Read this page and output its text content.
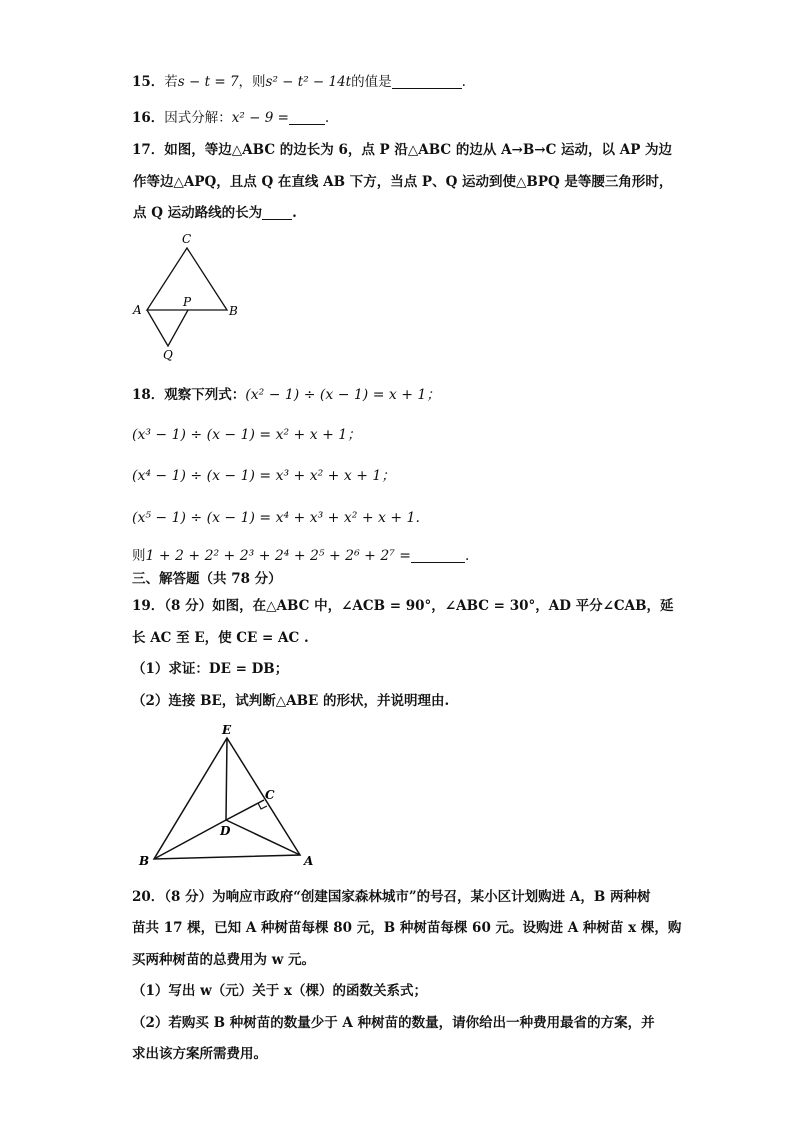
15．若s − t = 7，则s² − t² − 14t的值是	.
16．因式分解：x² − 9 =	.
17．如图，等边△ABC 的边长为 6，点 P 沿△ABC 的边从 A→B→C 运动，以 AP 为边
作等边△APQ，且点 Q 在直线 AB 下方，当点 P、Q 运动到使△BPQ 是等腰三角形时，
点 Q 运动路线的长为 .
C
A	B
P
Q
18．观察下列式：(x² − 1) ÷ (x − 1) = x + 1；
(x³ − 1) ÷ (x − 1) = x² + x + 1；
(x⁴ − 1) ÷ (x − 1) = x³ + x² + x + 1；
(x⁵ − 1) ÷ (x − 1) = x⁴ + x³ + x² + x + 1.
则1 + 2 + 2² + 2³ + 2⁴ + 2⁵ + 2⁶ + 2⁷ =	.
三、解答题（共 78 分）
19．（8 分）如图，在△ABC 中，∠ACB = 90°，∠ABC = 30°，AD 平分∠CAB，延
长 AC 至 E，使 CE = AC .
（1）求证：DE = DB；
（2）连接 BE，试判断△ABE 的形状，并说明理由.
E
C
D
B	A
20．（8 分）为响应市政府“创建国家森林城市”的号召，某小区计划购进 A，B 两种树
苗共 17 棵，已知 A 种树苗每棵 80 元，B 种树苗每棵 60 元。设购进 A 种树苗 x 棵，购
买两种树苗的总费用为 w 元。
（1）写出 w（元）关于 x（棵）的函数关系式；
（2）若购买 B 种树苗的数量少于 A 种树苗的数量，请你给出一种费用最省的方案，并
求出该方案所需费用。
